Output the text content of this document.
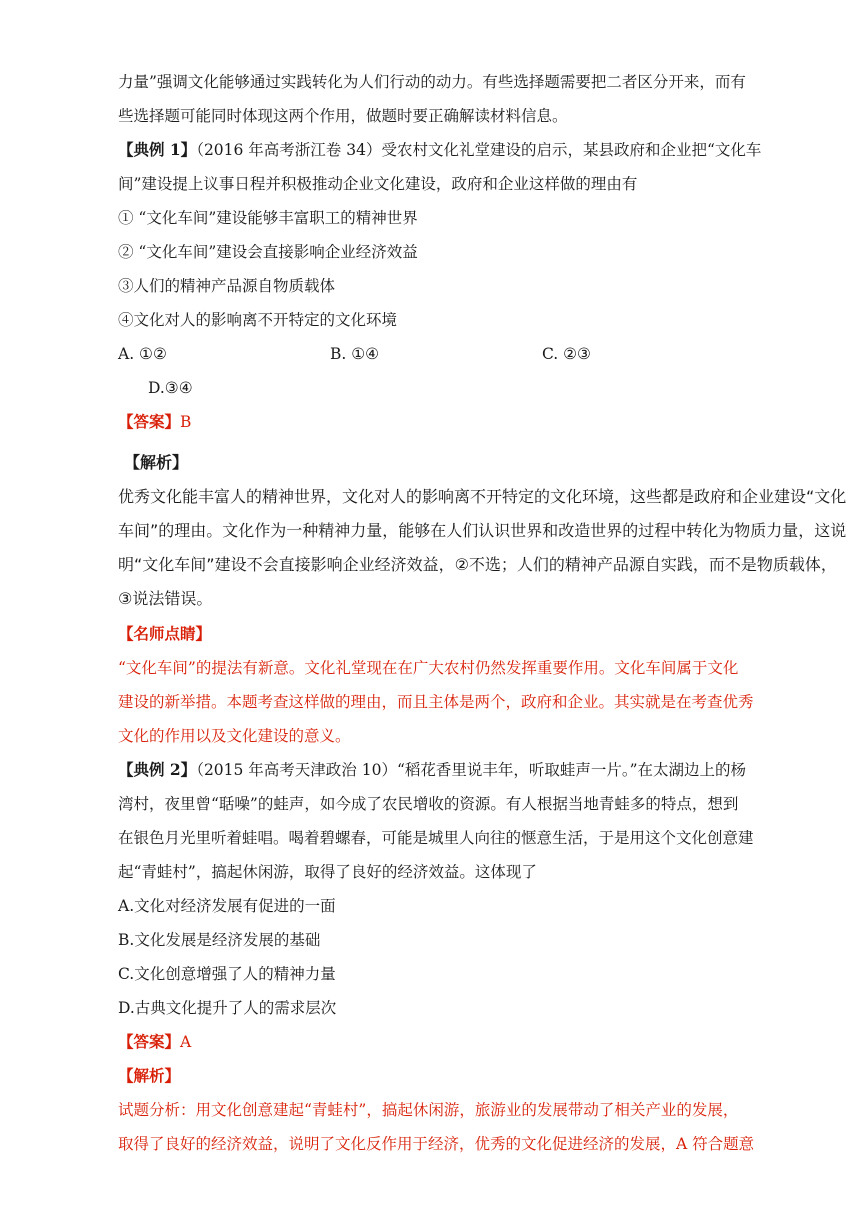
力量”强调文化能够通过实践转化为人们行动的动力。有些选择题需要把二者区分开来，而有

些选择题可能同时体现这两个作用，做题时要正确解读材料信息。

【典例 1】（2016 年高考浙江卷 34）受农村文化礼堂建设的启示，某县政府和企业把“文化车

间”建设提上议事日程并积极推动企业文化建设，政府和企业这样做的理由有

① “文化车间”建设能够丰富职工的精神世界

② “文化车间”建设会直接影响企业经济效益

③人们的精神产品源自物质载体

④文化对人的影响离不开特定的文化环境

A. ①②	B. ①④	C. ②③
D.③④

【答案】B

【解析】

优秀文化能丰富人的精神世界，文化对人的影响离不开特定的文化环境，这些都是政府和企业建设“文化

车间”的理由。文化作为一种精神力量，能够在人们认识世界和改造世界的过程中转化为物质力量，这说

明“文化车间”建设不会直接影响企业经济效益，②不选；人们的精神产品源自实践，而不是物质载体，

③说法错误。

【名师点睛】

“文化车间”的提法有新意。文化礼堂现在在广大农村仍然发挥重要作用。文化车间属于文化

建设的新举措。本题考查这样做的理由，而且主体是两个，政府和企业。其实就是在考查优秀

文化的作用以及文化建设的意义。

【典例 2】（2015 年高考天津政治 10）“稻花香里说丰年，听取蛙声一片。”在太湖边上的杨

湾村，夜里曾“聒噪”的蛙声，如今成了农民增收的资源。有人根据当地青蛙多的特点，想到

在银色月光里听着蛙唱。喝着碧螺春，可能是城里人向往的惬意生活，于是用这个文化创意建

起“青蛙村”，搞起休闲游，取得了良好的经济效益。这体现了

A.文化对经济发展有促进的一面

B.文化发展是经济发展的基础

C.文化创意增强了人的精神力量

D.古典文化提升了人的需求层次

【答案】A

【解析】

试题分析：用文化创意建起“青蛙村”，搞起休闲游，旅游业的发展带动了相关产业的发展，

取得了良好的经济效益，说明了文化反作用于经济，优秀的文化促进经济的发展，A 符合题意
